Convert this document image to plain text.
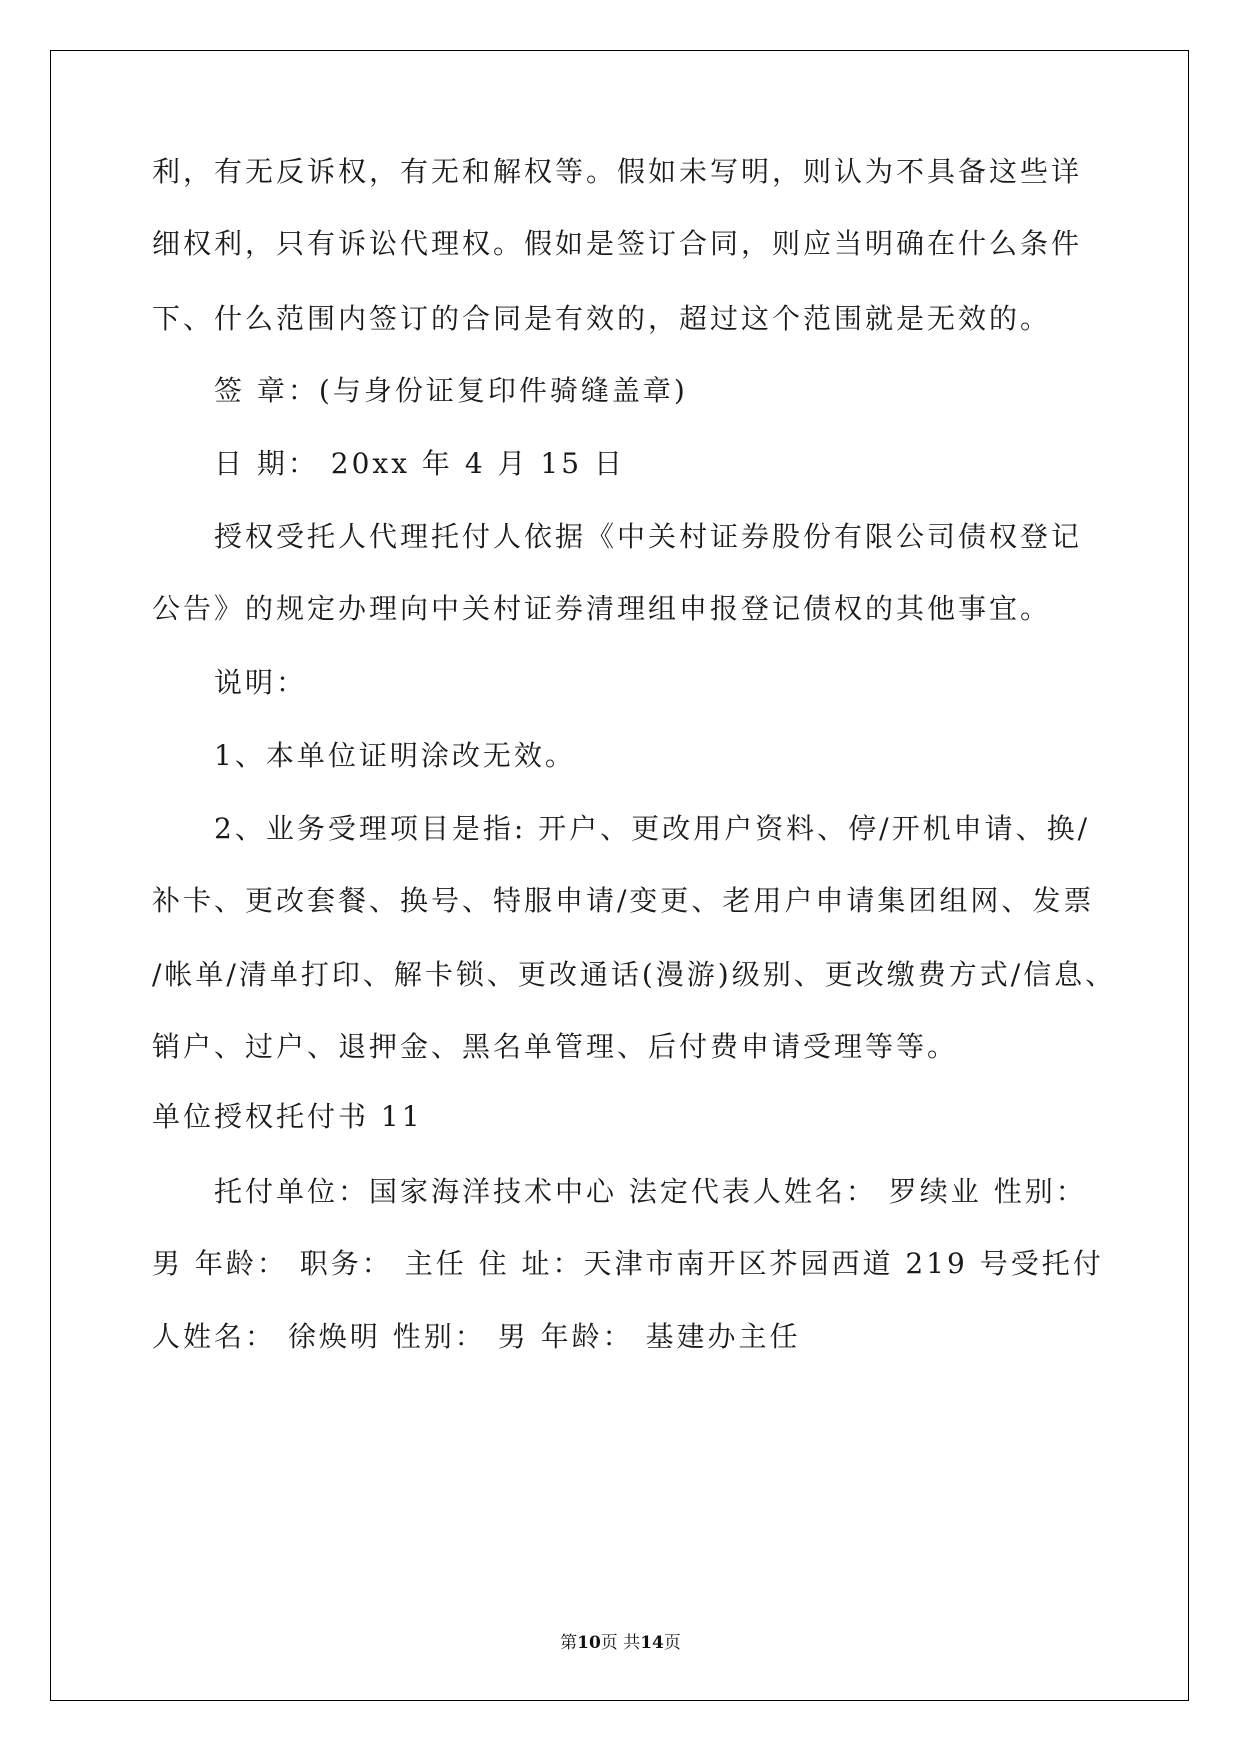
利，有无反诉权，有无和解权等。假如未写明，则认为不具备这些详

细权利，只有诉讼代理权。假如是签订合同，则应当明确在什么条件

下、什么范围内签订的合同是有效的，超过这个范围就是无效的。

签 章：(与身份证复印件骑缝盖章)

日 期： 20xx 年 4 月 15 日

授权受托人代理托付人依据《中关村证券股份有限公司债权登记

公告》的规定办理向中关村证券清理组申报登记债权的其他事宜。

说明：

1、本单位证明涂改无效。

2、业务受理项目是指: 开户、更改用户资料、停/开机申请、换/

补卡、更改套餐、换号、特服申请/变更、老用户申请集团组网、发票

/帐单/清单打印、解卡锁、更改通话(漫游)级别、更改缴费方式/信息、

销户、过户、退押金、黑名单管理、后付费申请受理等等。

单位授权托付书 11

托付单位：国家海洋技术中心 法定代表人姓名： 罗续业 性别：

男 年龄： 职务： 主任 住 址：天津市南开区芥园西道 219 号受托付

人姓名： 徐焕明 性别： 男 年龄： 基建办主任

第10页 共14页
